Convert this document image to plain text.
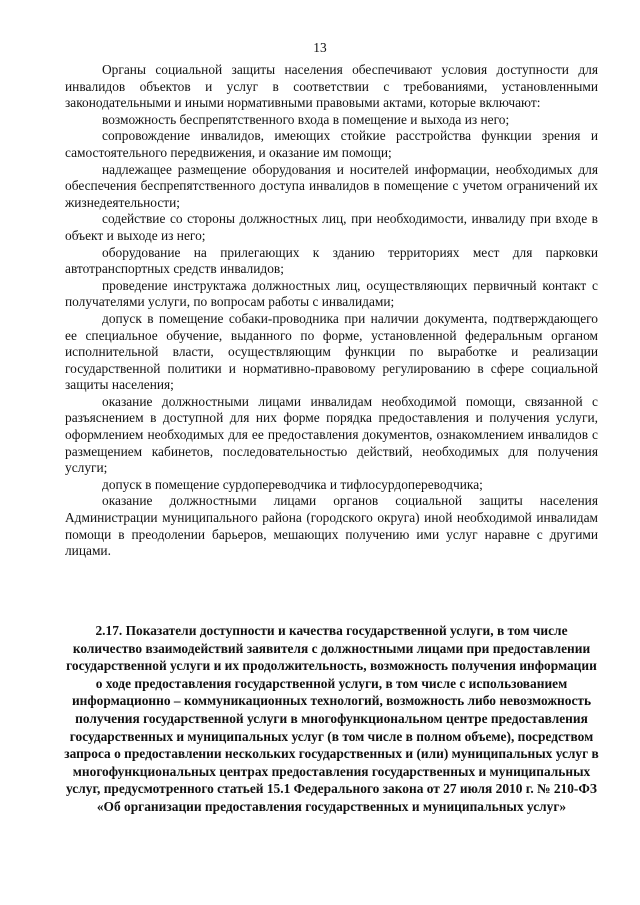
13

Органы социальной защиты населения обеспечивают условия доступности для инвалидов объектов и услуг в соответствии с требованиями, установленными законодательными и иными нормативными правовыми актами, которые включают:

возможность беспрепятственного входа в помещение и выхода из него;

сопровождение инвалидов, имеющих стойкие расстройства функции зрения и самостоятельного передвижения, и оказание им помощи;

надлежащее размещение оборудования и носителей информации, необходимых для обеспечения беспрепятственного доступа инвалидов в помещение с учетом ограничений их жизнедеятельности;

содействие со стороны должностных лиц, при необходимости, инвалиду при входе в объект и выходе из него;

оборудование на прилегающих к зданию территориях мест для парковки автотранспортных средств инвалидов;

проведение инструктажа должностных лиц, осуществляющих первичный контакт с получателями услуги, по вопросам работы с инвалидами;

допуск в помещение собаки-проводника при наличии документа, подтверждающего ее специальное обучение, выданного по форме, установленной федеральным органом исполнительной власти, осуществляющим функции по выработке и реализации государственной политики и нормативно-правовому регулированию в сфере социальной защиты населения;

оказание должностными лицами инвалидам необходимой помощи, связанной с разъяснением в доступной для них форме порядка предоставления и получения услуги, оформлением необходимых для ее предоставления документов, ознакомлением инвалидов с размещением кабинетов, последовательностью действий, необходимых для получения услуги;

допуск в помещение сурдопереводчика и тифлосурдопереводчика;

оказание должностными лицами органов социальной защиты населения Администрации муниципального района (городского округа) иной необходимой инвалидам помощи в преодолении барьеров, мешающих получению ими услуг наравне с другими лицами.

2.17. Показатели доступности и качества государственной услуги, в том числе количество взаимодействий заявителя с должностными лицами при предоставлении государственной услуги и их продолжительность, возможность получения информации о ходе предоставления государственной услуги, в том числе с использованием информационно – коммуникационных технологий, возможность либо невозможность получения государственной услуги в многофункциональном центре предоставления государственных и муниципальных услуг (в том числе в полном объеме), посредством запроса о предоставлении нескольких государственных и (или) муниципальных услуг в многофункциональных центрах предоставления государственных и муниципальных услуг, предусмотренного статьей 15.1 Федерального закона от 27 июля 2010 г. № 210-ФЗ «Об организации предоставления государственных и муниципальных услуг»
